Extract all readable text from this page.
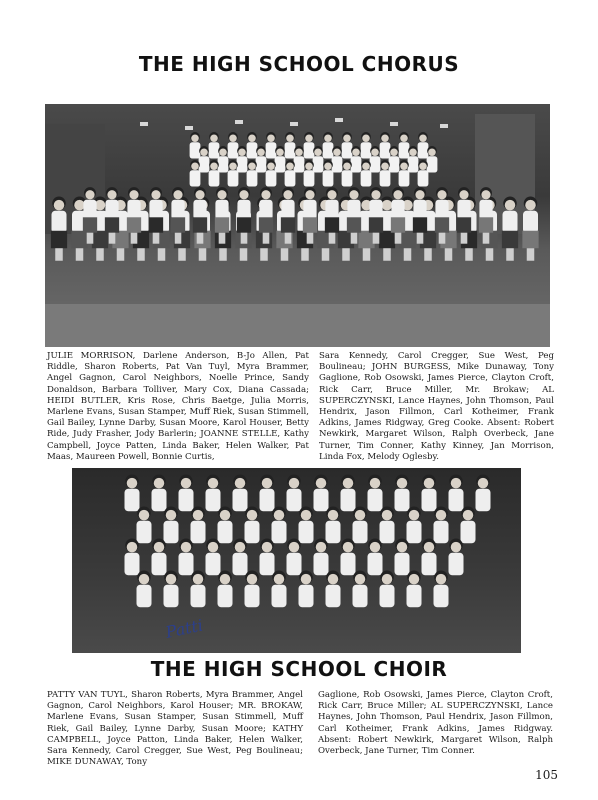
THE HIGH SCHOOL CHORUS

JULIE MORRISON, Darlene Anderson, B-Jo Allen, Pat Riddle, Sharon Roberts, Pat Van Tuyl, Myra Brammer, Angel Gagnon, Carol Neighbors, Noelle Prince, Sandy Donaldson, Barbara Tolliver, Mary Cox, Diana Cassada; HEIDI BUTLER, Kris Rose, Chris Baetge, Julia Morris, Marlene Evans, Susan Stamper, Muff Riek, Susan Stimmell, Gail Bailey, Lynne Darby, Susan Moore, Karol Houser, Betty Ride, Judy Frasher, Jody Barlerin; JOANNE STELLE, Kathy Campbell, Joyce Patten, Linda Baker, Helen Walker, Pat Maas, Maureen Powell, Bonnie Curtis,

Sara Kennedy, Carol Cregger, Sue West, Peg Boulineau; JOHN BURGESS, Mike Dunaway, Tony Gaglione, Rob Osowski, James Pierce, Clayton Croft, Rick Carr, Bruce Miller, Mr. Brokaw; AL SUPERCZYNSKI, Lance Haynes, John Thomson, Paul Hendrix, Jason Fillmon, Carl Kotheimer, Frank Adkins, James Ridgway, Greg Cooke. Absent: Robert Newkirk, Margaret Wilson, Ralph Overbeck, Jane Turner, Tim Conner, Kathy Kinney, Jan Morrison, Linda Fox, Melody Oglesby.

Patti
THE HIGH SCHOOL CHOIR

PATTY VAN TUYL, Sharon Roberts, Myra Brammer, Angel Gagnon, Carol Neighbors, Karol Houser; MR. BROKAW, Marlene Evans, Susan Stamper, Susan Stimmell, Muff Riek, Gail Bailey, Lynne Darby, Susan Moore; KATHY CAMPBELL, Joyce Patton, Linda Baker, Helen Walker, Sara Kennedy, Carol Cregger, Sue West, Peg Boulineau; MIKE DUNAWAY, Tony

Gaglione, Rob Osowski, James Pierce, Clayton Croft, Rick Carr, Bruce Miller; AL SUPERCZYNSKI, Lance Haynes, John Thomson, Paul Hendrix, Jason Fillmon, Carl Kotheimer, Frank Adkins, James Ridgway. Absent: Robert Newkirk, Margaret Wilson, Ralph Overbeck, Jane Turner, Tim Conner.

105
